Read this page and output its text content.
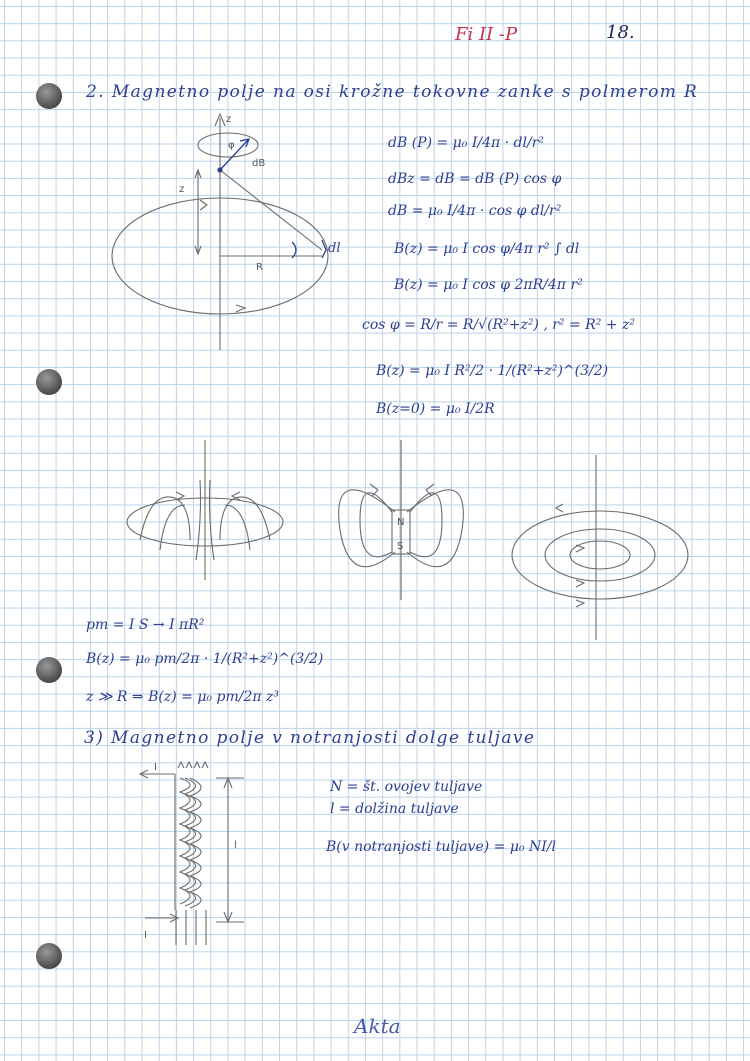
Fi II -P	18.
2. Magnetno polje na osi krožne tokovne zanke s polmerom R
z
dB
φ
z
R
dl
dB (P) = μ₀ I/4π · dl/r²
dBz = dB = dB (P) cos φ
dB = μ₀ I/4π · cos φ dl/r²
B(z) = μ₀ I cos φ/4π r² ∫ dl
B(z) = μ₀ I cos φ 2πR/4π r²
cos φ = R/r = R/√(R²+z²) , r² = R² + z²
B(z) = μ₀ I R²/2 · 1/(R²+z²)^(3/2)
B(z=0) = μ₀ I/2R
N
S
pm = I S → I πR²
B(z) = μ₀ pm/2π · 1/(R²+z²)^(3/2)
z ≫ R ⇒ B(z) = μ₀ pm/2π z³
3) Magnetno polje v notranjosti dolge tuljave
I
I
l
N = št. ovojev tuljave
l = dolžina tuljave
B(v notranjosti tuljave) = μ₀ NI/l
Akta
